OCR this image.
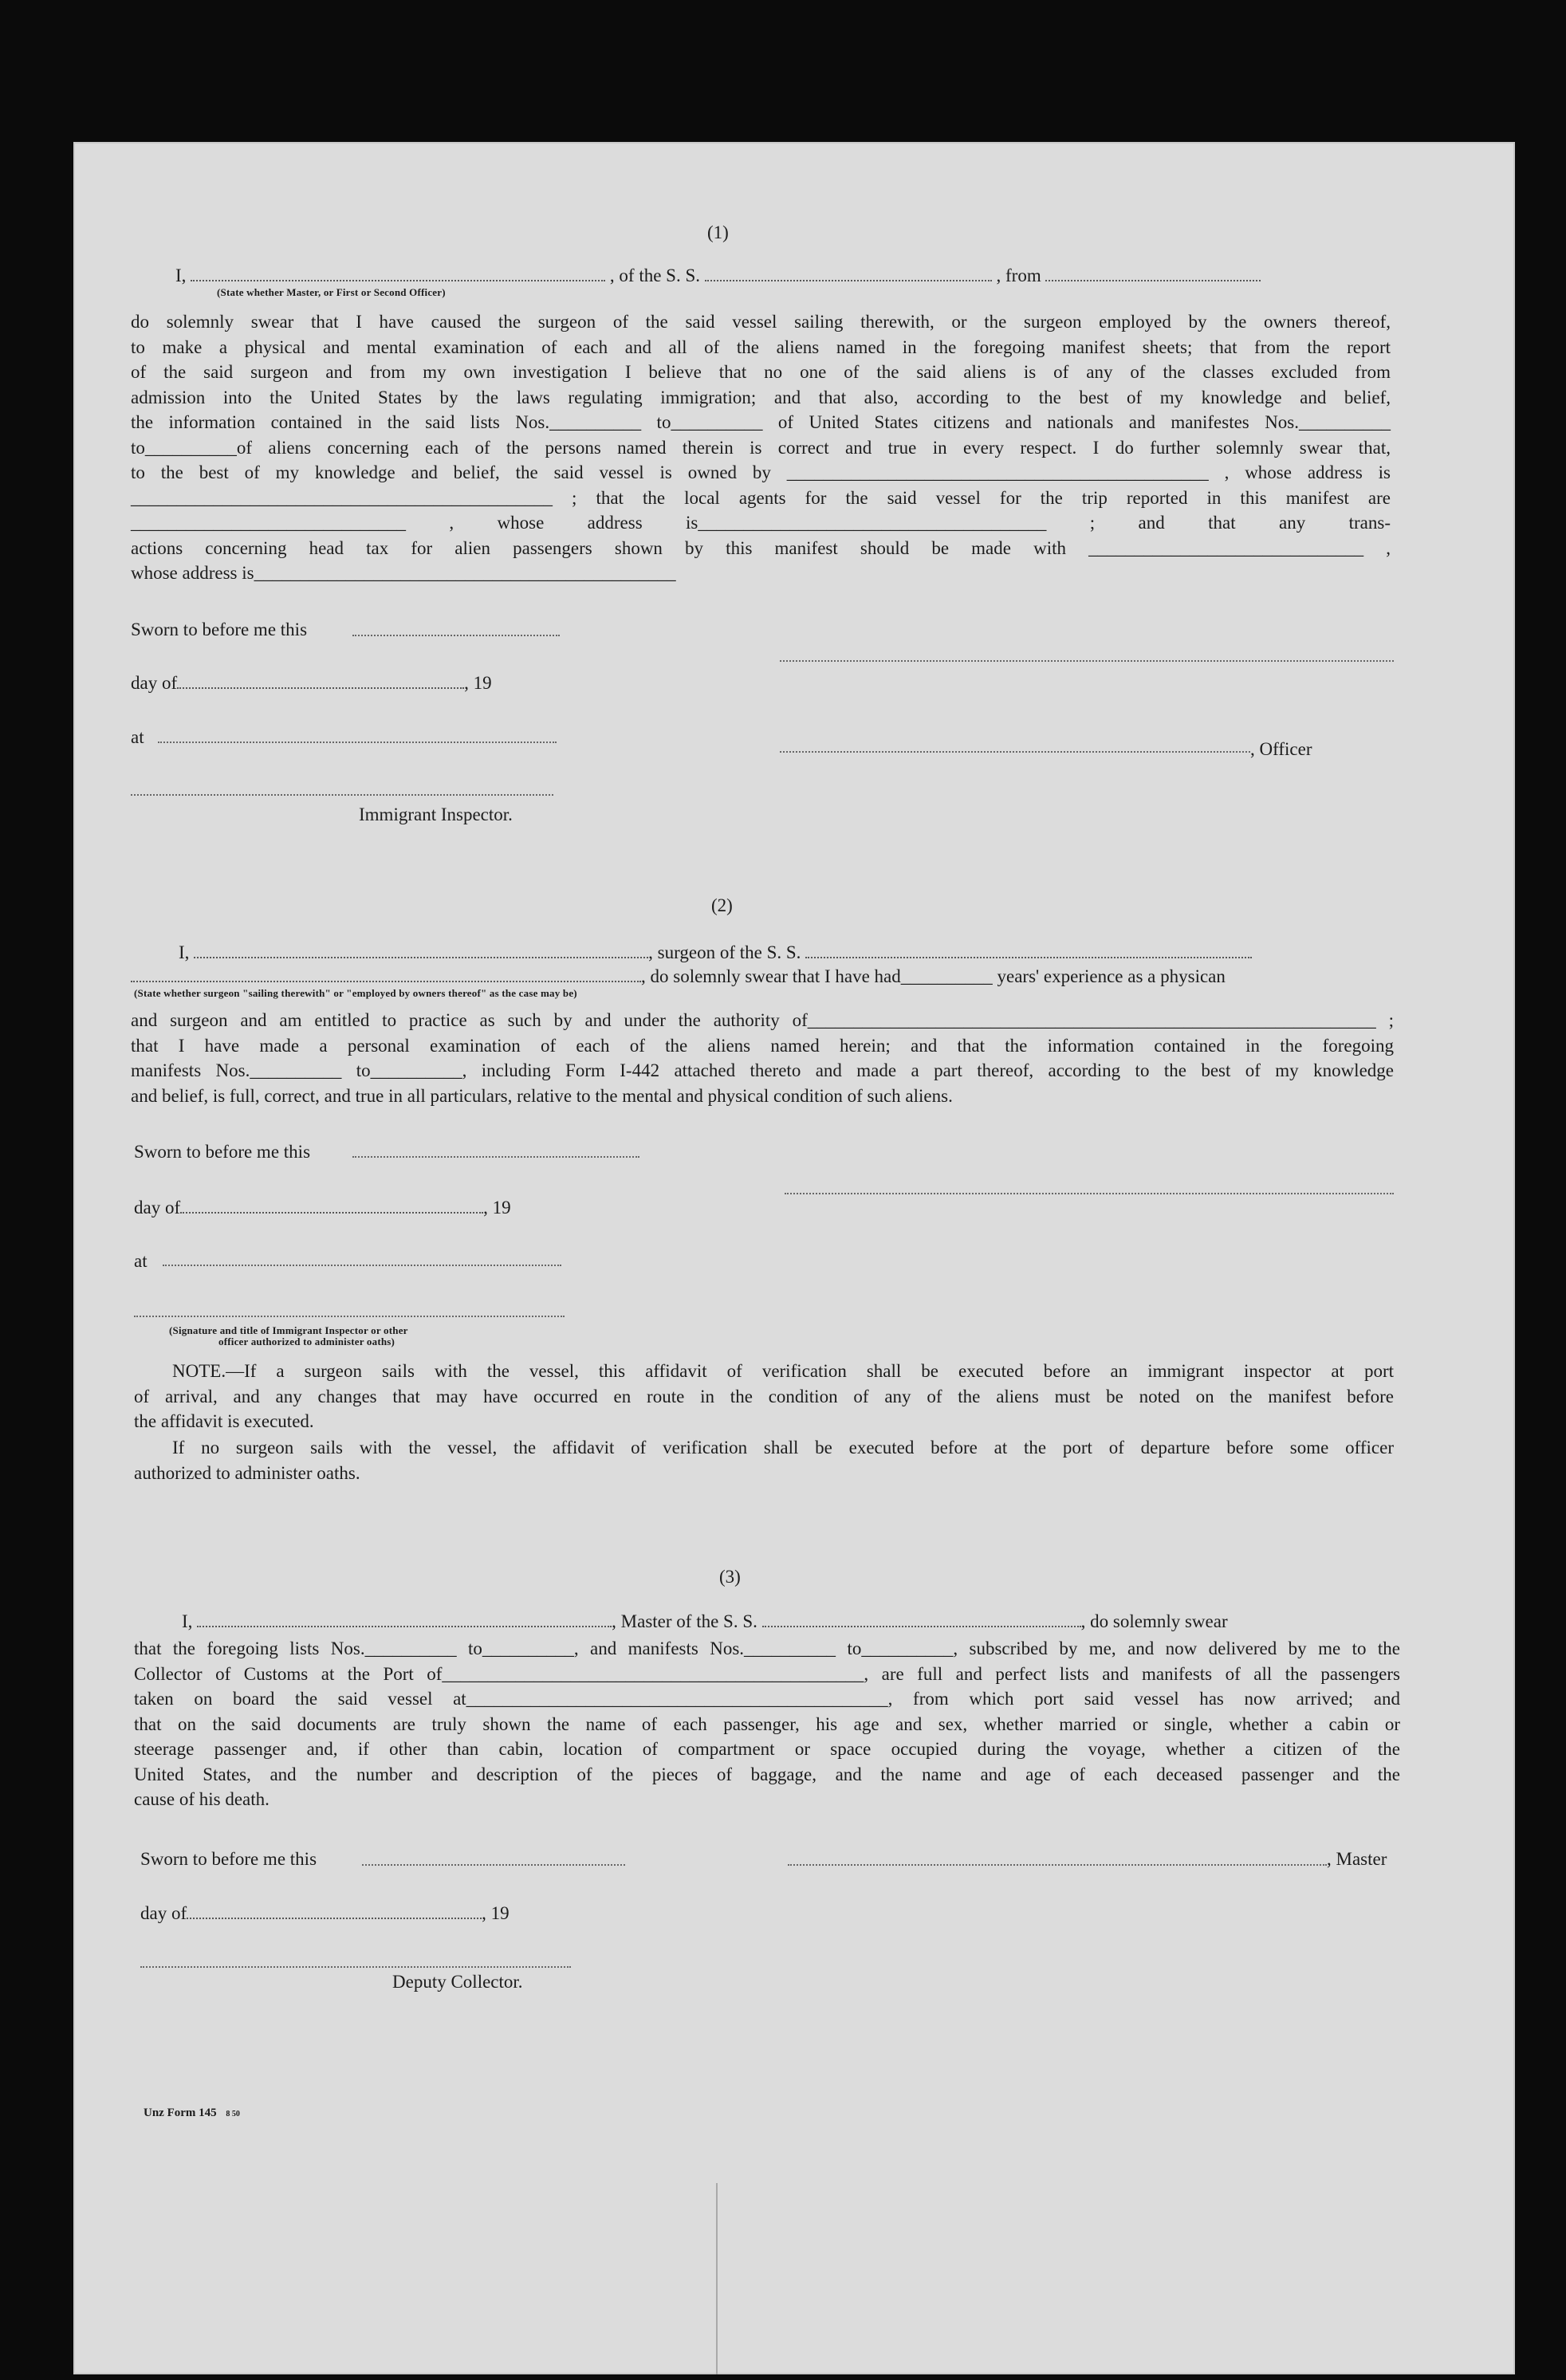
(1)
I,	, of the S. S.	, from
(State whether Master, or First or Second Officer)
do solemnly swear that I have caused the surgeon of the said vessel sailing therewith, or the surgeon employed by the owners thereof,
to make a physical and mental examination of each and all of the aliens named in the foregoing manifest sheets; that from the report
of the said surgeon and from my own investigation I believe that no one of the said aliens is of any of the classes excluded from
admission into the United States by the laws regulating immigration; and that also, according to the best of my knowledge and belief,
the information contained in the said lists Nos.__________ to__________ of United States citizens and nationals and manifestes Nos.__________
to__________of aliens concerning each of the persons named therein is correct and true in every respect. I do further solemnly swear that,
to the best of my knowledge and belief, the said vessel is owned by ______________________________________________ , whose address is
______________________________________________ ; that the local agents for the said vessel for the trip reported in this manifest are
______________________________ , whose address is______________________________________ ; and that any trans-
actions concerning head tax for alien passengers shown by this manifest should be made with ______________________________ ,
whose address is______________________________________________
Sworn to before me this
day of	, 19
at
, Officer
Immigrant Inspector.
(2)
I,	, surgeon of the S. S.
, do solemnly swear that I have had__________ years' experience as a physican
(State whether surgeon "sailing therewith" or "employed by owners thereof" as the case may be)
and surgeon and am entitled to practice as such by and under the authority of______________________________________________________________ ;
that I have made a personal examination of each of the aliens named herein; and that the information contained in the foregoing
manifests Nos.__________ to__________, including Form I-442 attached thereto and made a part thereof, according to the best of my knowledge
and belief, is full, correct, and true in all particulars, relative to the mental and physical condition of such aliens.
Sworn to before me this
day of	, 19
at
(Signature and title of Immigrant Inspector or other
officer authorized to administer oaths)
NOTE.—If a surgeon sails with the vessel, this affidavit of verification shall be executed before an immigrant inspector at port
of arrival, and any changes that may have occurred en route in the condition of any of the aliens must be noted on the manifest before
the affidavit is executed.
If no surgeon sails with the vessel, the affidavit of verification shall be executed before at the port of departure before some officer
authorized to administer oaths.
(3)
I,	, Master of the S. S.	, do solemnly swear
that the foregoing lists Nos.__________ to__________, and manifests Nos.__________ to__________, subscribed by me, and now delivered by me to the
Collector of Customs at the Port of______________________________________________, are full and perfect lists and manifests of all the passengers
taken on board the said vessel at______________________________________________, from which port said vessel has now arrived; and
that on the said documents are truly shown the name of each passenger, his age and sex, whether married or single, whether a cabin or
steerage passenger and, if other than cabin, location of compartment or space occupied during the voyage, whether a citizen of the
United States, and the number and description of the pieces of baggage, and the name and age of each deceased passenger and the
cause of his death.
Sworn to before me this	, Master
day of	, 19
Deputy Collector.
Unz Form 145 8 50
